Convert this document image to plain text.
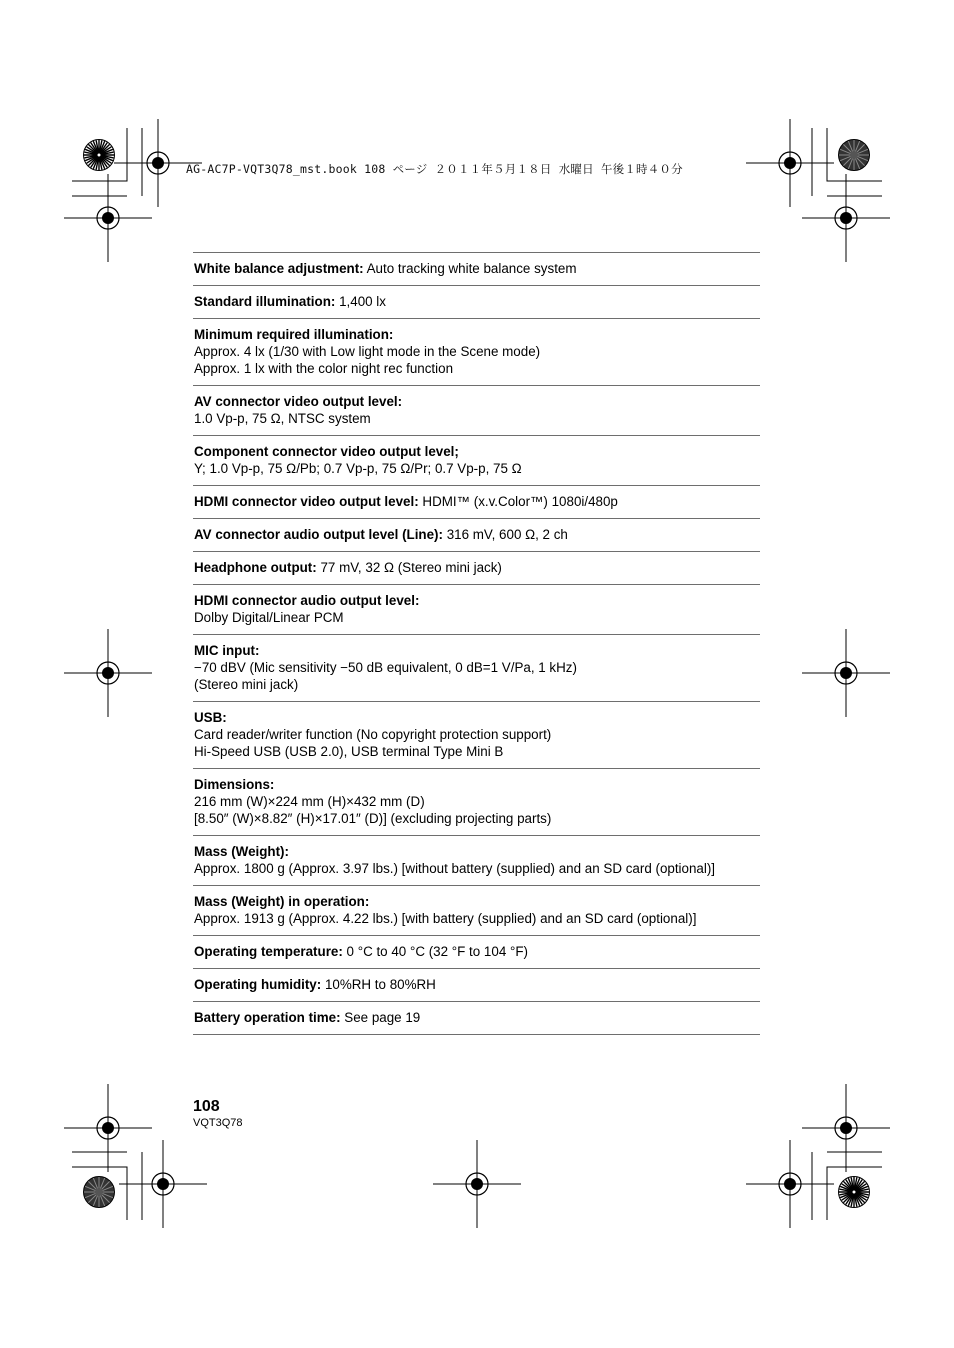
AG-AC7P-VQT3Q78_mst.book 108 ページ ２０１１年５月１８日 水曜日 午後１時４０分
White balance adjustment: Auto tracking white balance system
Standard illumination: 1,400 lx
Minimum required illumination:
Approx. 4 lx (1/30 with Low light mode in the Scene mode)
Approx. 1 lx with the color night rec function
AV connector video output level:
1.0 Vp-p, 75 Ω, NTSC system
Component connector video output level;
Y; 1.0 Vp-p, 75 Ω/Pb; 0.7 Vp-p, 75 Ω/Pr; 0.7 Vp-p, 75 Ω
HDMI connector video output level: HDMI™ (x.v.Color™) 1080i/480p
AV connector audio output level (Line): 316 mV, 600 Ω, 2 ch
Headphone output: 77 mV, 32 Ω (Stereo mini jack)
HDMI connector audio output level:
Dolby Digital/Linear PCM
MIC input:
−70 dBV (Mic sensitivity −50 dB equivalent, 0 dB=1 V/Pa, 1 kHz)
(Stereo mini jack)
USB:
Card reader/writer function (No copyright protection support)
Hi-Speed USB (USB 2.0), USB terminal Type Mini B
Dimensions:
216 mm (W)×224 mm (H)×432 mm (D)
[8.50″ (W)×8.82″ (H)×17.01″ (D)] (excluding projecting parts)
Mass (Weight):
Approx. 1800 g (Approx. 3.97 lbs.) [without battery (supplied) and an SD card (optional)]
Mass (Weight) in operation:
Approx. 1913 g (Approx. 4.22 lbs.) [with battery (supplied) and an SD card (optional)]
Operating temperature: 0 °C to 40 °C (32 °F to 104 °F)
Operating humidity: 10%RH to 80%RH
Battery operation time: See page 19
108
VQT3Q78
